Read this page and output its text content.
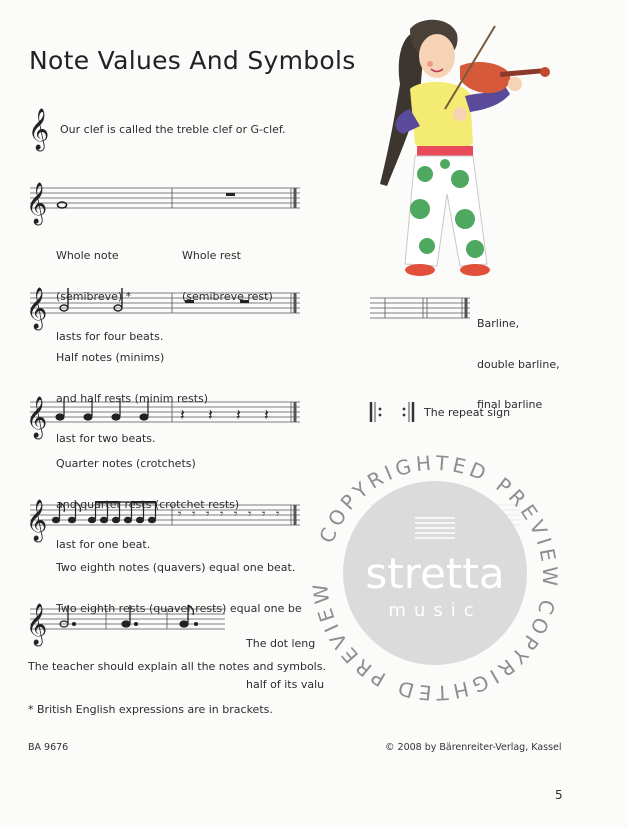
Note Values And Symbols
𝄞
𝄞
𝄞
𝄞	𝄽 𝄽 𝄽 𝄽
𝄞	𝄾 𝄾 𝄾 𝄾 𝄾 𝄾 𝄾 𝄾
𝄞
Our clef is called the treble clef or G-clef.

Whole note

(semibreve) *

lasts for four beats.

Whole rest

(semibreve rest)

Half notes (minims)

and half rests (minim rests)

last for two beats.

Quarter notes (crotchets)

and quarter rests (crotchet rests)

last for one beat.

Two eighth notes (quavers) equal one beat.

Two eighth rests (quaver rests) equal one be

The dot leng

half of its valu

Barline,

double barline,

final barline

The repeat sign
The teacher should explain all the notes and symbols.
* British English expressions are in brackets.
BA 9676	© 2008 by Bärenreiter-Verlag, Kassel
5
COPYRIGHTED PREVIEW
COPYRIGHTED PREVIEW stretta
music
